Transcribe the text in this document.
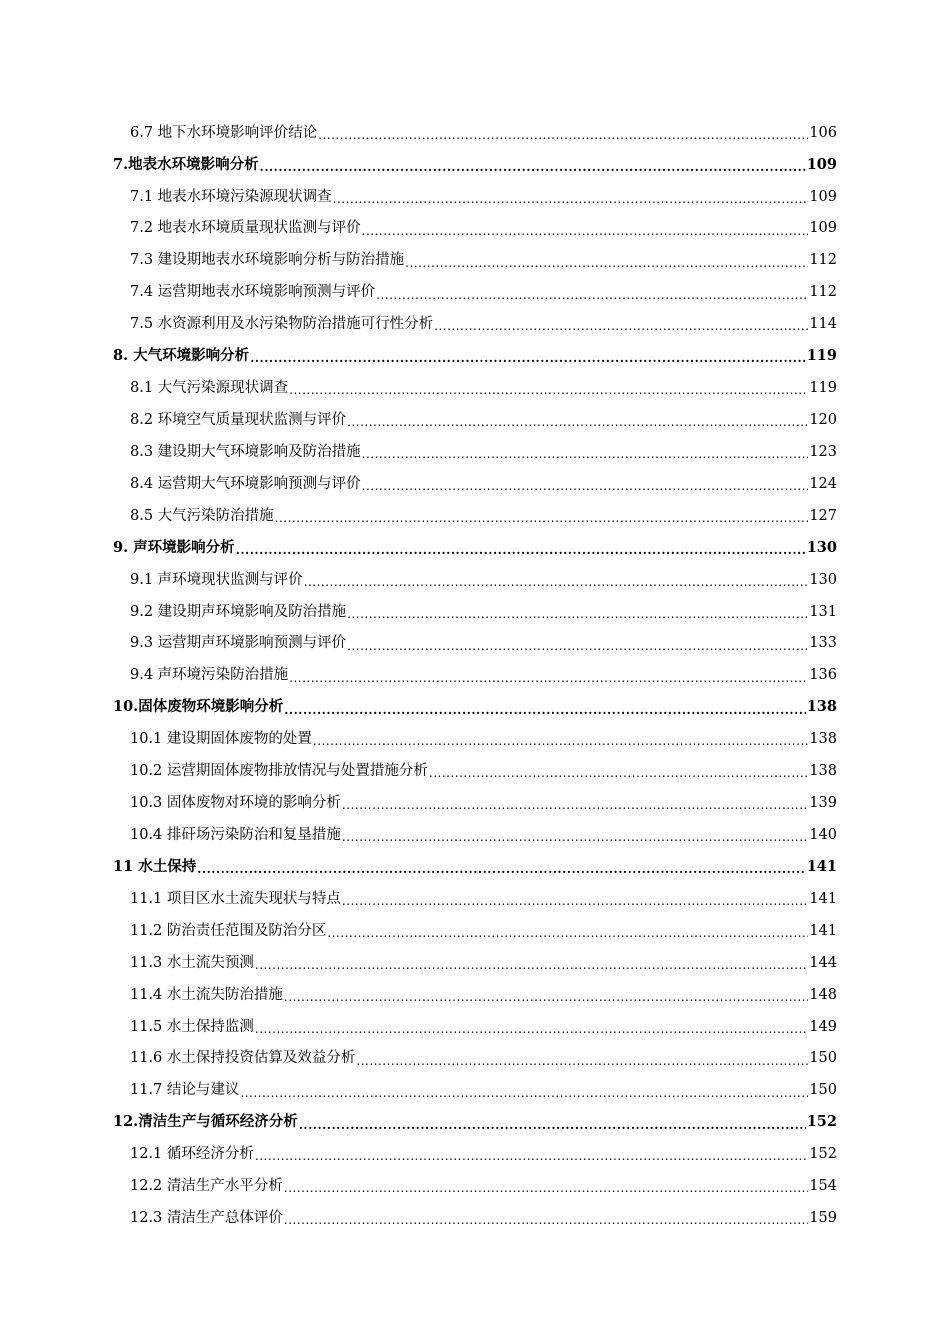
6.7 地下水环境影响评价结论 .....	106
7.地表水环境影响分析 .....	109
7.1 地表水环境污染源现状调查 .....	109
7.2 地表水环境质量现状监测与评价 .....	109
7.3 建设期地表水环境影响分析与防治措施 .....	112
7.4 运营期地表水环境影响预测与评价 .....	112
7.5 水资源利用及水污染物防治措施可行性分析 .....	114
8. 大气环境影响分析 .....	119
8.1 大气污染源现状调查 .....	119
8.2 环境空气质量现状监测与评价 .....	120
8.3 建设期大气环境影响及防治措施 .....	123
8.4 运营期大气环境影响预测与评价 .....	124
8.5 大气污染防治措施 .....	127
9. 声环境影响分析 .....	130
9.1 声环境现状监测与评价 .....	130
9.2 建设期声环境影响及防治措施 .....	131
9.3 运营期声环境影响预测与评价 .....	133
9.4 声环境污染防治措施 .....	136
10.固体废物环境影响分析 .....	138
10.1 建设期固体废物的处置 .....	138
10.2 运营期固体废物排放情况与处置措施分析 .....	138
10.3 固体废物对环境的影响分析 .....	139
10.4 排矸场污染防治和复垦措施 .....	140
11 水土保持 .....	141
11.1 项目区水土流失现状与特点 .....	141
11.2 防治责任范围及防治分区 .....	141
11.3 水土流失预测 .....	144
11.4 水土流失防治措施 .....	148
11.5 水土保持监测 .....	149
11.6 水土保持投资估算及效益分析 .....	150
11.7 结论与建议 .....	150
12.清洁生产与循环经济分析 .....	152
12.1 循环经济分析 .....	152
12.2 清洁生产水平分析 .....	154
12.3 清洁生产总体评价 .....	159
